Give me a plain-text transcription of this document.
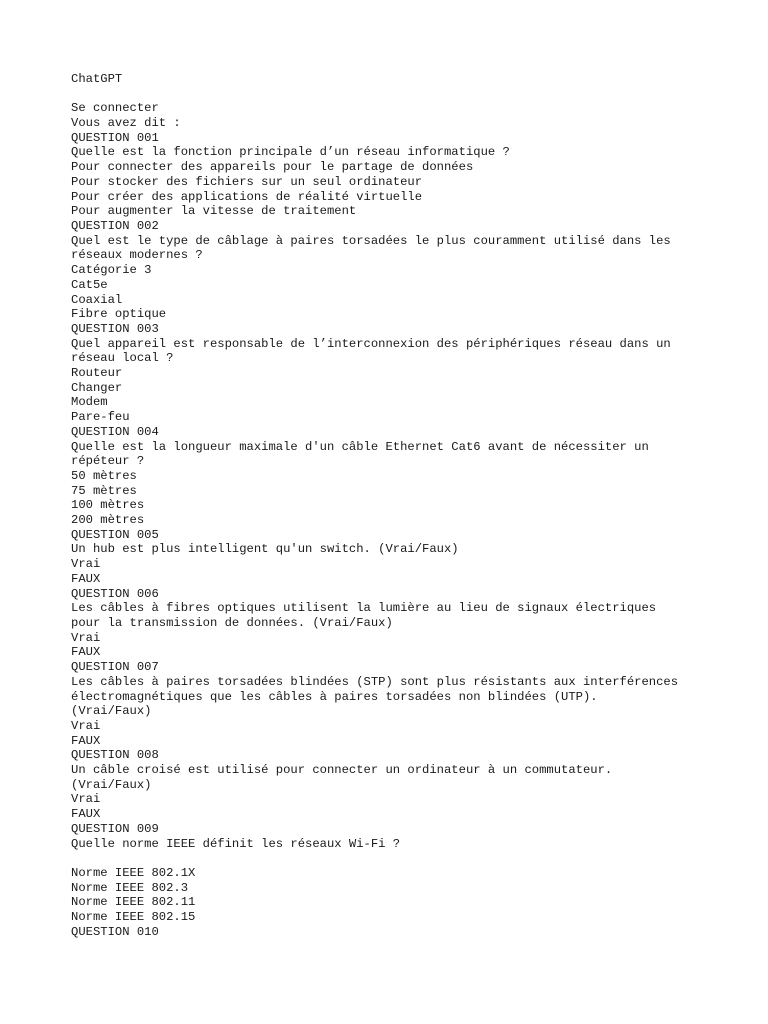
ChatGPT
Se connecter
Vous avez dit :
QUESTION 001
Quelle est la fonction principale d’un réseau informatique ?
Pour connecter des appareils pour le partage de données
Pour stocker des fichiers sur un seul ordinateur
Pour créer des applications de réalité virtuelle
Pour augmenter la vitesse de traitement
QUESTION 002
Quel est le type de câblage à paires torsadées le plus couramment utilisé dans les
réseaux modernes ?
Catégorie 3
Cat5e
Coaxial
Fibre optique
QUESTION 003
Quel appareil est responsable de l’interconnexion des périphériques réseau dans un
réseau local ?
Routeur
Changer
Modem
Pare-feu
QUESTION 004
Quelle est la longueur maximale d'un câble Ethernet Cat6 avant de nécessiter un
répéteur ?
50 mètres
75 mètres
100 mètres
200 mètres
QUESTION 005
Un hub est plus intelligent qu'un switch. (Vrai/Faux)
Vrai
FAUX
QUESTION 006
Les câbles à fibres optiques utilisent la lumière au lieu de signaux électriques
pour la transmission de données. (Vrai/Faux)
Vrai
FAUX
QUESTION 007
Les câbles à paires torsadées blindées (STP) sont plus résistants aux interférences
électromagnétiques que les câbles à paires torsadées non blindées (UTP).
(Vrai/Faux)
Vrai
FAUX
QUESTION 008
Un câble croisé est utilisé pour connecter un ordinateur à un commutateur.
(Vrai/Faux)
Vrai
FAUX
QUESTION 009
Quelle norme IEEE définit les réseaux Wi-Fi ?
Norme IEEE 802.1X
Norme IEEE 802.3
Norme IEEE 802.11
Norme IEEE 802.15
QUESTION 010
